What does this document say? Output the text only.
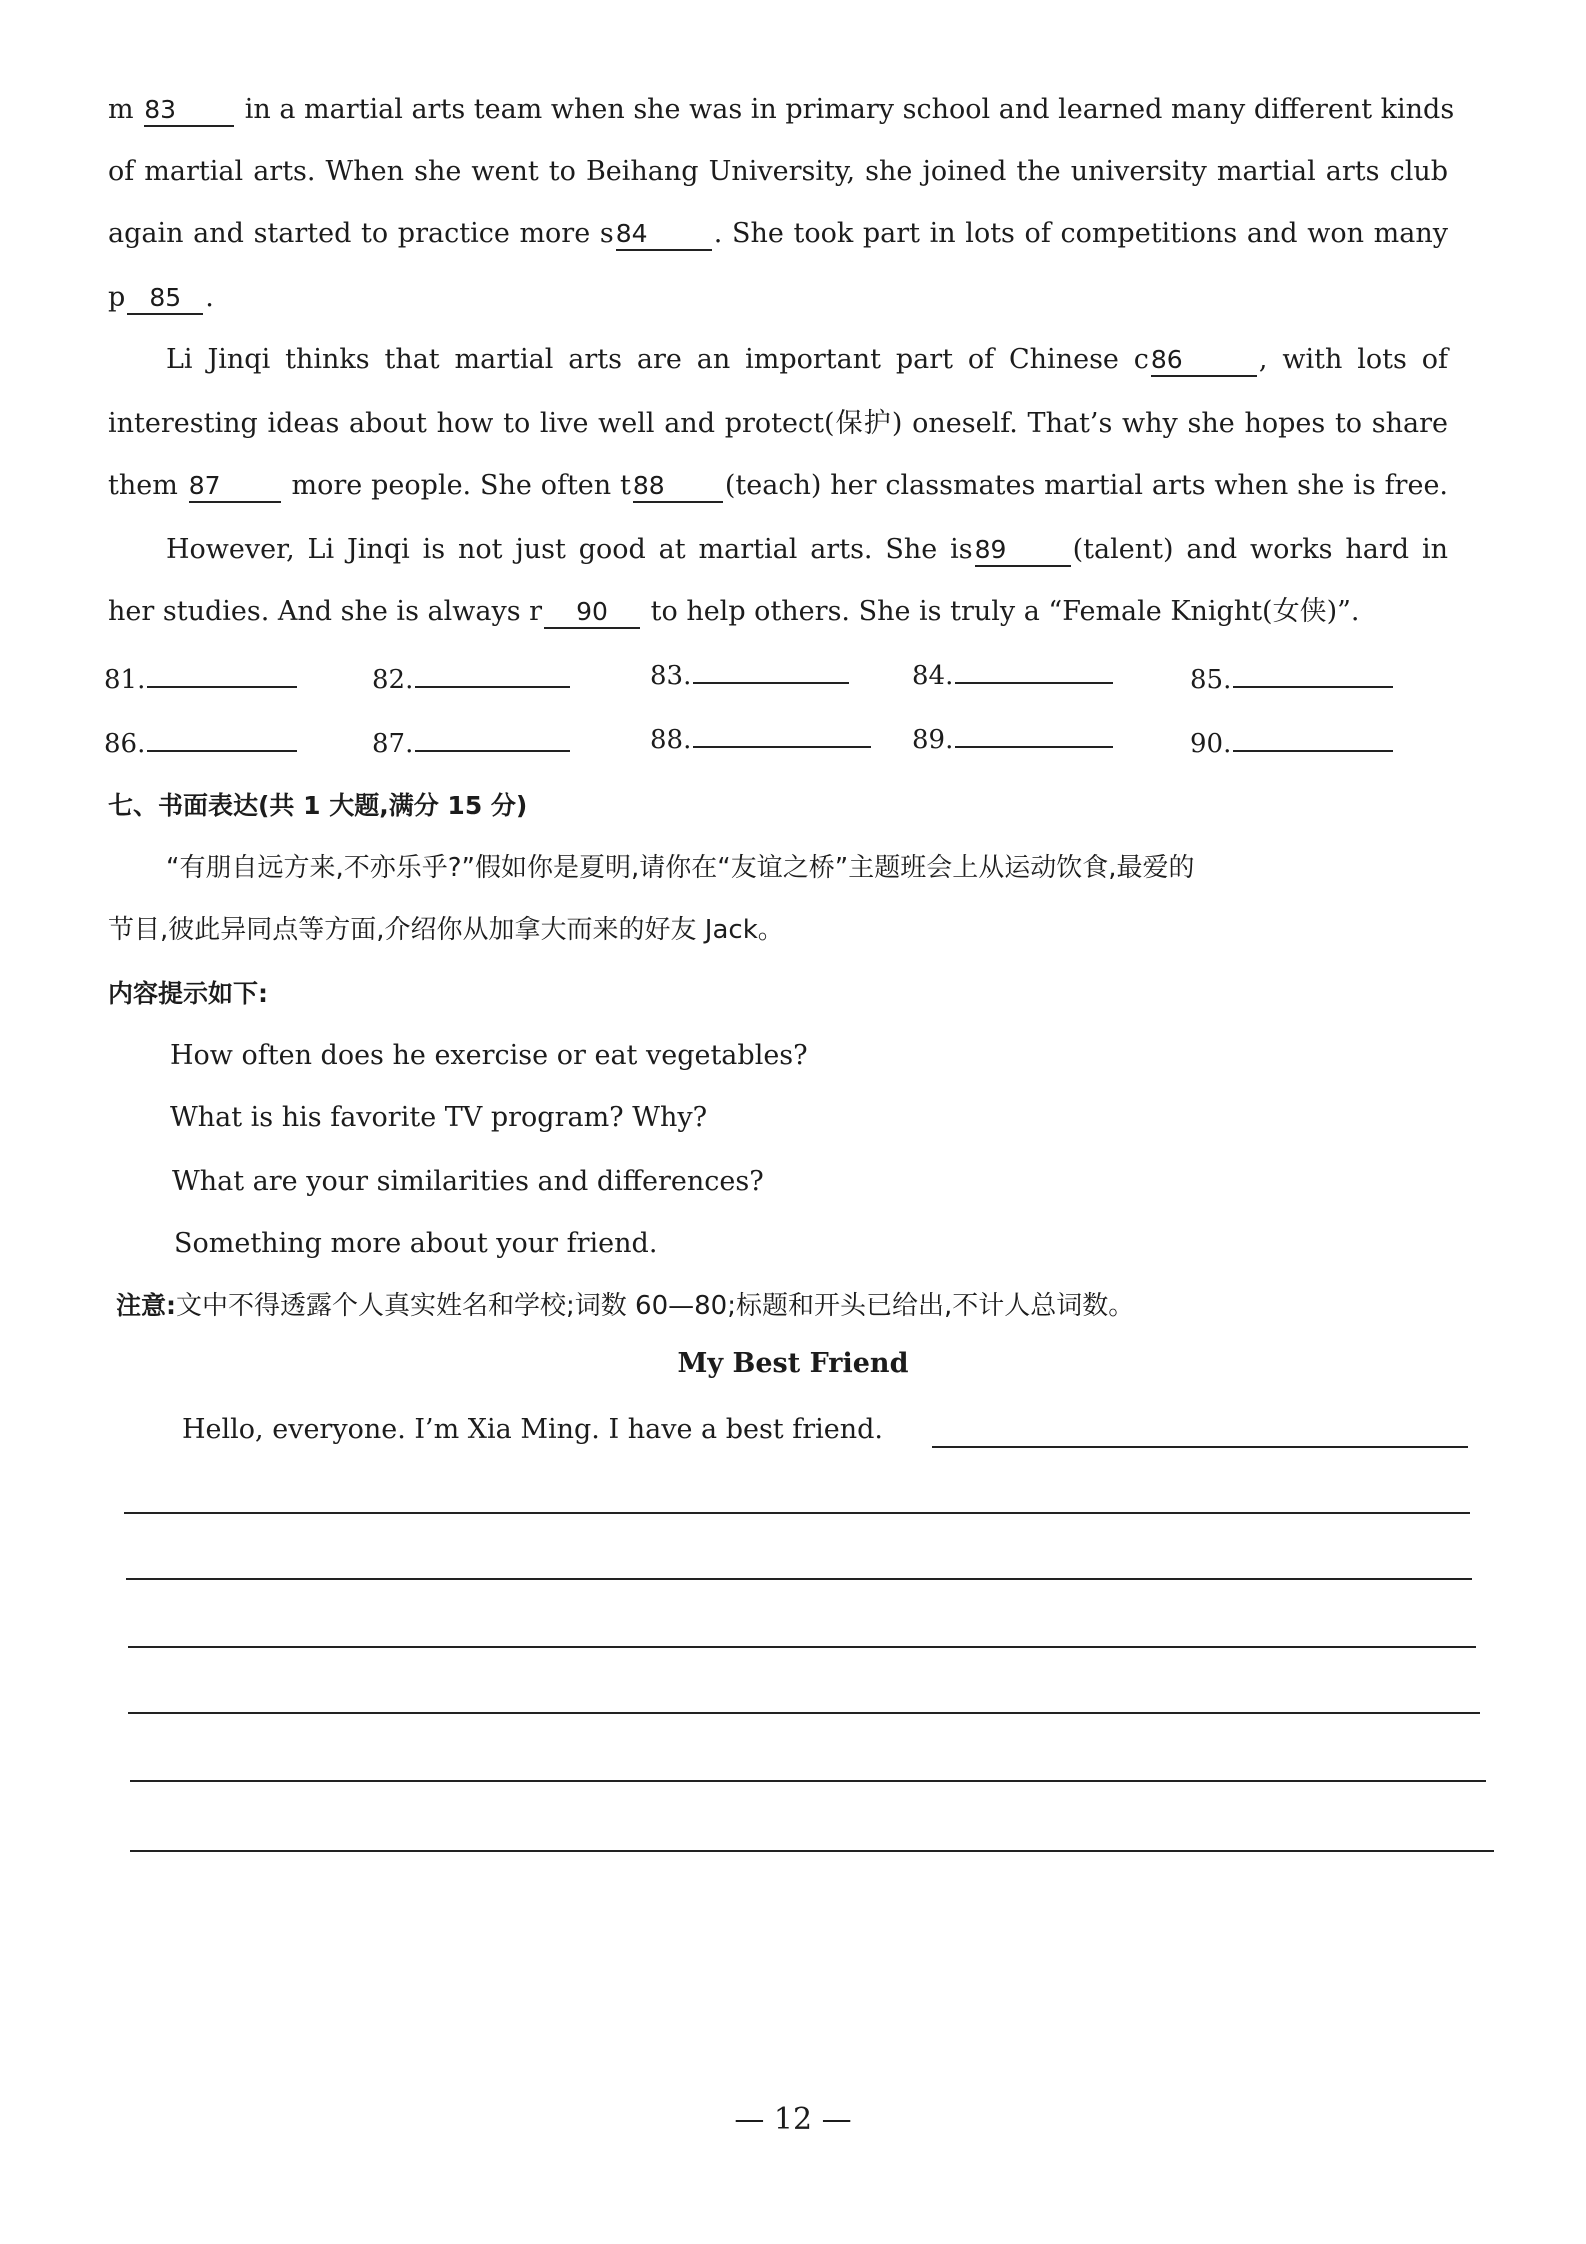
m 83 in a martial arts team when she was in primary school and learned many different kinds
of martial arts. When she went to Beihang University, she joined the university martial arts club
again and started to practice more s84 . She took part in lots of competitions and won many
p 85 .
Li Jinqi thinks that martial arts are an important part of Chinese c86	, with lots of
interesting ideas about how to live well and protect(保护) oneself. That’s why she hopes to share
them 87 more people. She often t88 (teach) her classmates martial arts when she is free.
However, Li Jinqi is not just good at martial arts. She is89 (talent) and works hard in
her studies. And she is always r 90 to help others. She is truly a “Female Knight(女侠)”.
81.	82.	83.	84.	85.
86.	87.	88.	89.	90.
七、书面表达(共 1 大题,满分 15 分)
“有朋自远方来,不亦乐乎?”假如你是夏明,请你在“友谊之桥”主题班会上从运动饮食,最爱的
节目,彼此异同点等方面,介绍你从加拿大而来的好友 Jack。
内容提示如下:
How often does he exercise or eat vegetables?
What is his favorite TV program? Why?
What are your similarities and differences?
Something more about your friend.
注意:文中不得透露个人真实姓名和学校;词数 60—80;标题和开头已给出,不计人总词数。
My Best Friend
Hello, everyone. I’m Xia Ming. I have a best friend.
— 12 —
